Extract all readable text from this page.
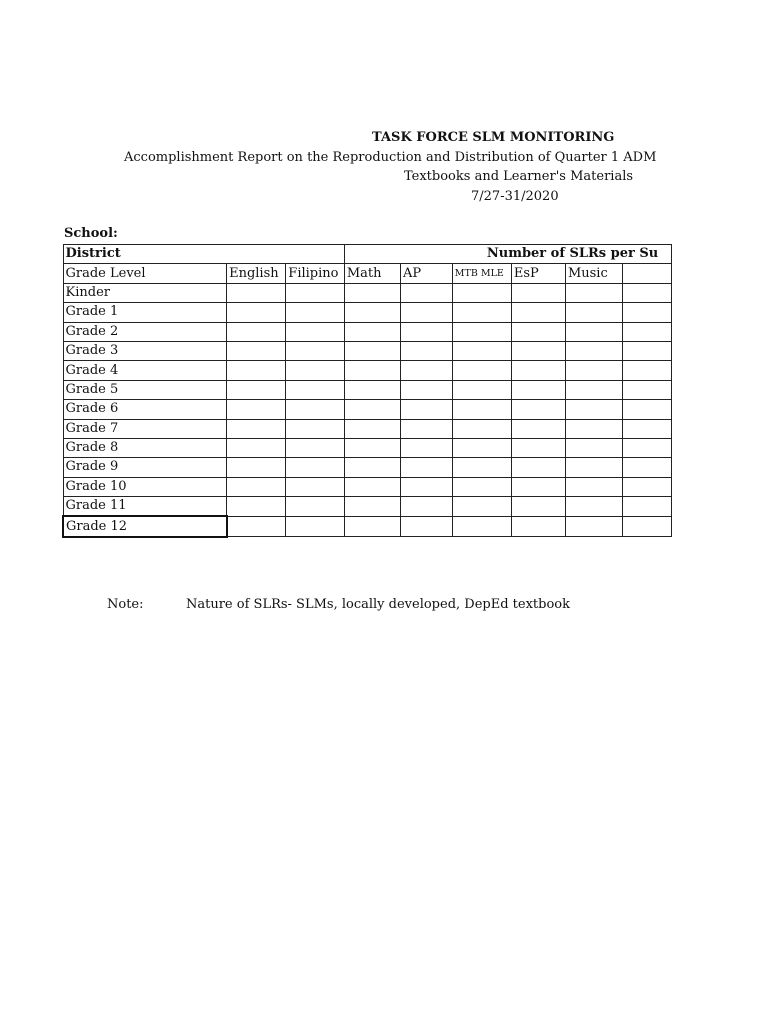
TASK FORCE SLM MONITORING
Accomplishment Report on the Reproduction and Distribution of Quarter 1 ADM
Textbooks and Learner's Materials
7/27-31/2020
School:
District			Number of SLRs per Su					
Grade Level	English	Filipino	Math	AP	MTB MLE	EsP	Music	
Kinder								
Grade 1								
Grade 2								
Grade 3								
Grade 4								
Grade 5								
Grade 6								
Grade 7								
Grade 8								
Grade 9								
Grade 10								
Grade 11								
Grade 12								
Note:	Nature of SLRs- SLMs, locally developed, DepEd textbook
